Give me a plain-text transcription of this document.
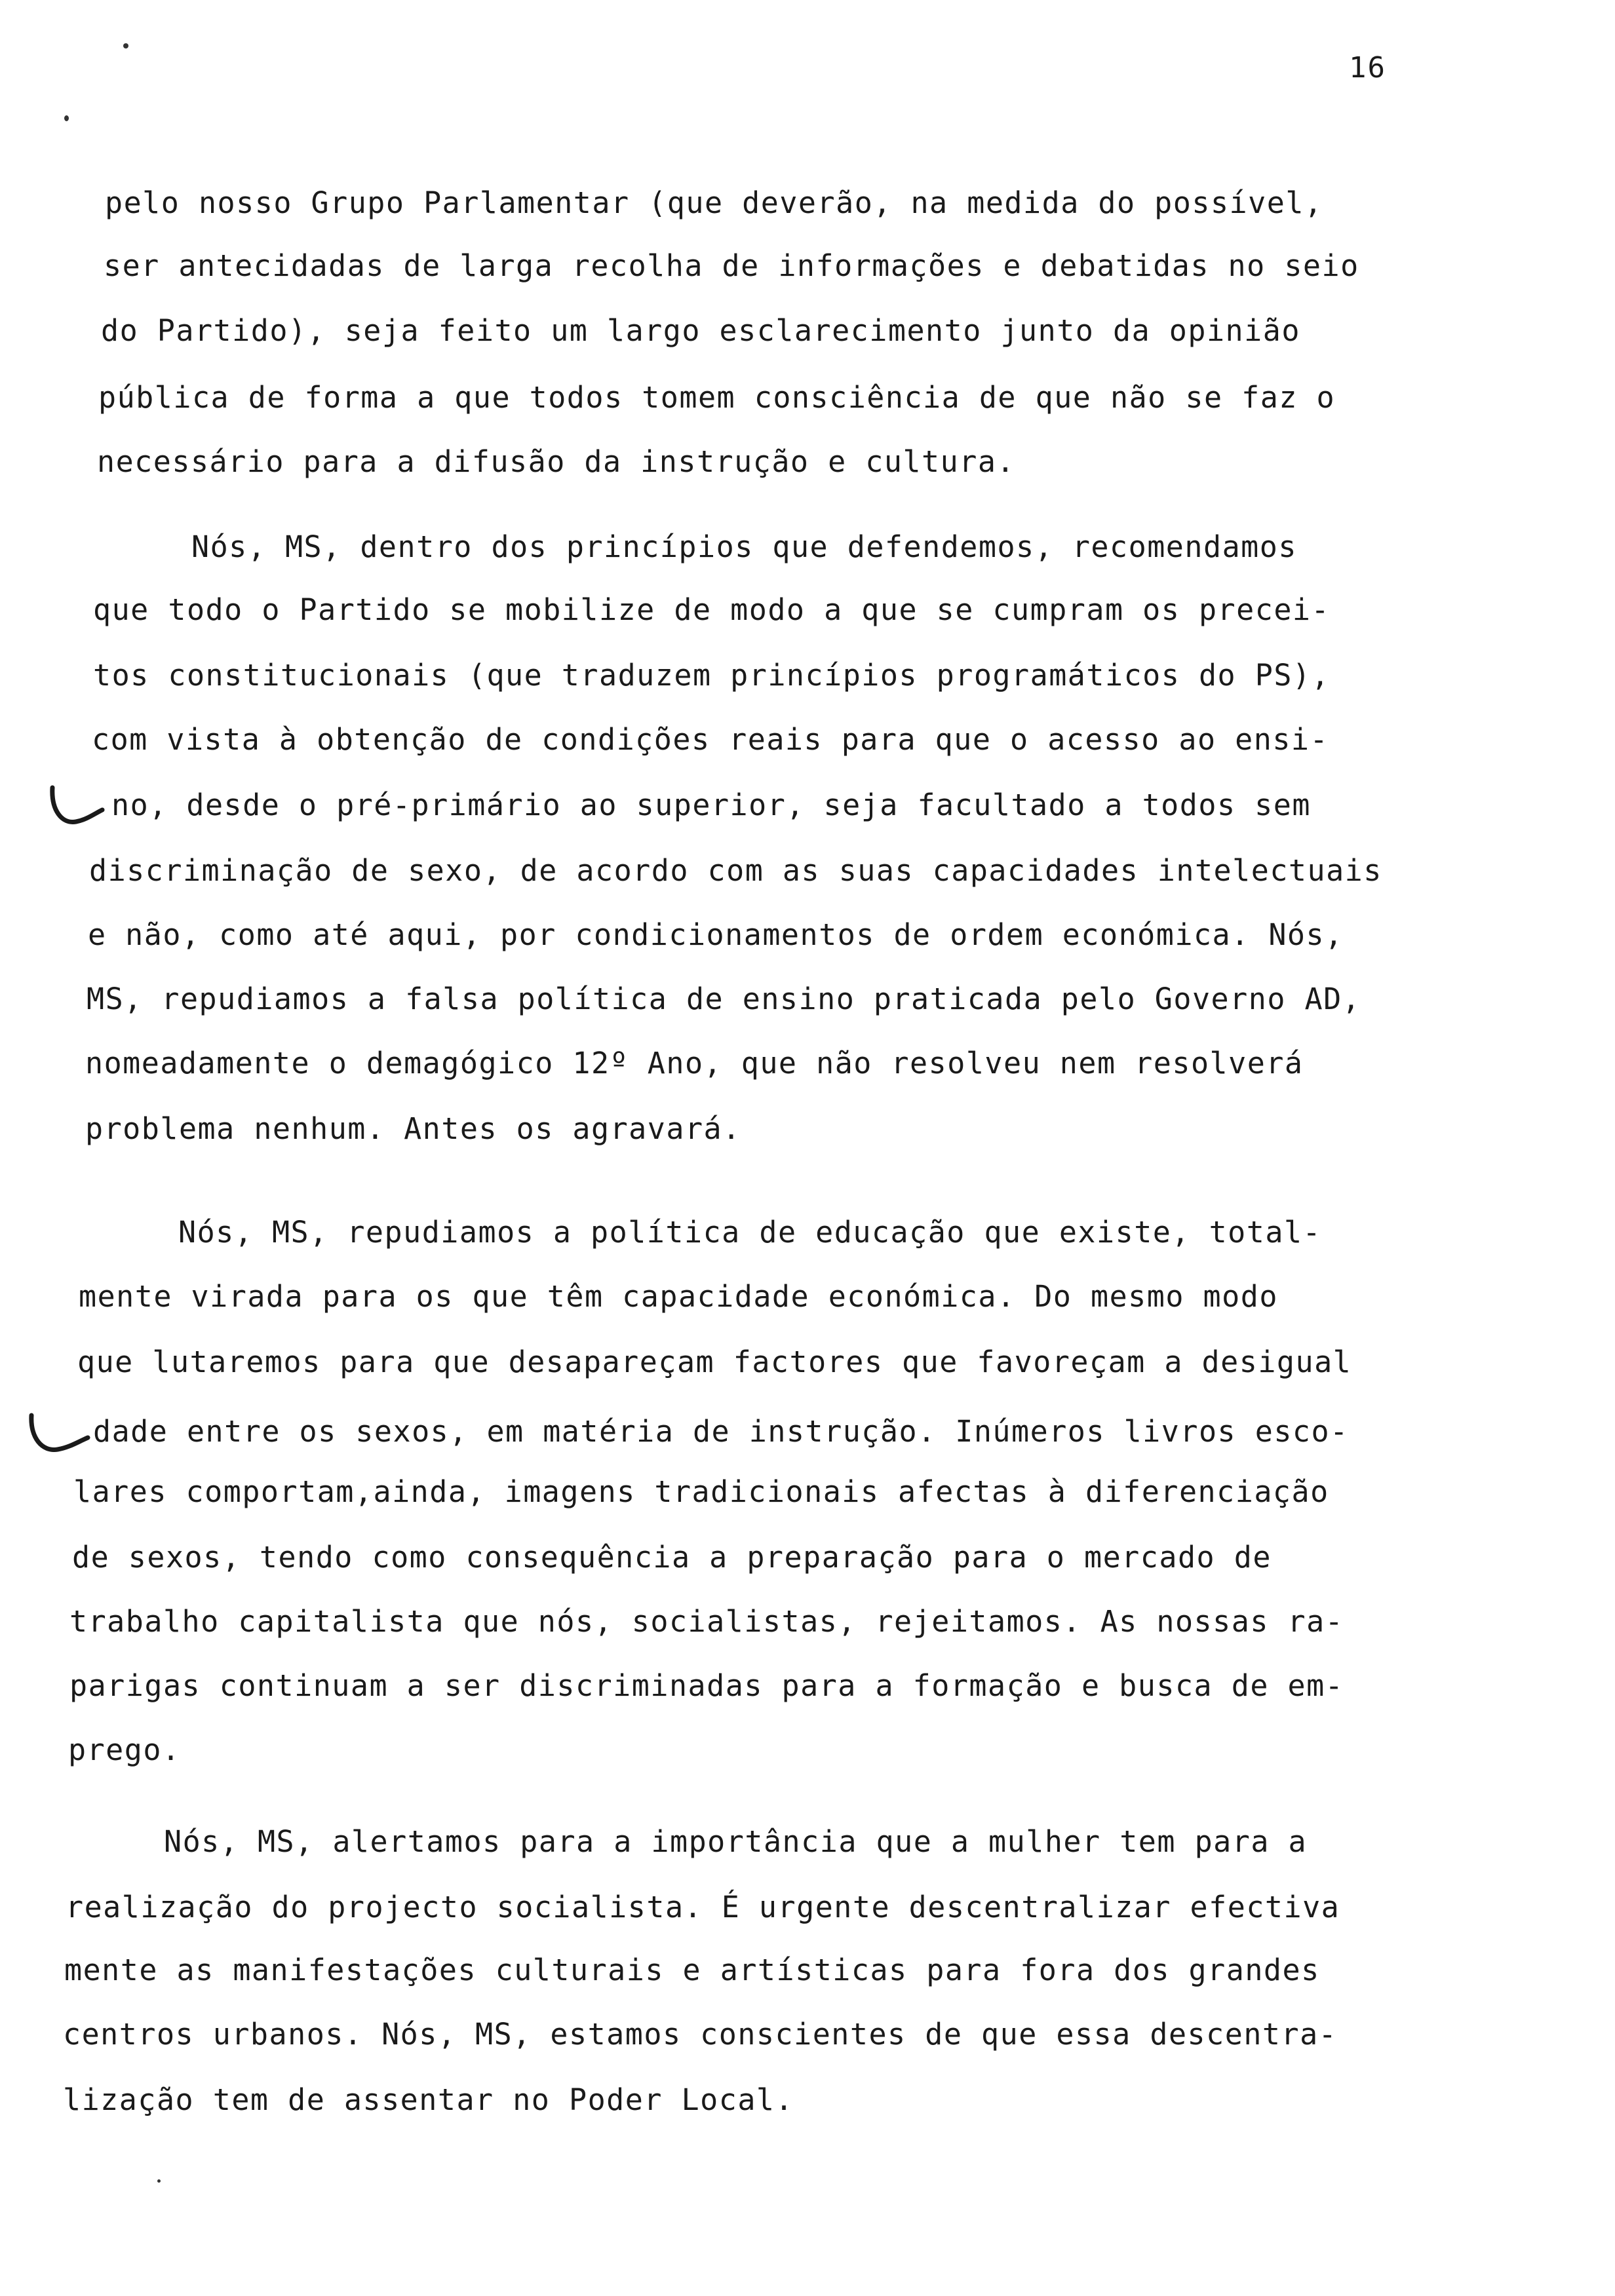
16
pelo nosso Grupo Parlamentar (que deverão, na medida do possível,
ser antecidadas de larga recolha de informações e debatidas no seio
do Partido), seja feito um largo esclarecimento junto da opinião
pública de forma a que todos tomem consciência de que não se faz o
necessário para a difusão da instrução e cultura.
Nós, MS, dentro dos princípios que defendemos, recomendamos
que todo o Partido se mobilize de modo a que se cumpram os precei-
tos constitucionais (que traduzem princípios programáticos do PS),
com vista à obtenção de condições reais para que o acesso ao ensi-
no, desde o pré-primário ao superior, seja facultado a todos sem
discriminação de sexo, de acordo com as suas capacidades intelectuais
e não, como até aqui, por condicionamentos de ordem económica. Nós,
MS, repudiamos a falsa política de ensino praticada pelo Governo AD,
nomeadamente o demagógico 12º Ano, que não resolveu nem resolverá
problema nenhum. Antes os agravará.
Nós, MS, repudiamos a política de educação que existe, total-
mente virada para os que têm capacidade económica. Do mesmo modo
que lutaremos para que desapareçam factores que favoreçam a desigual
dade entre os sexos, em matéria de instrução. Inúmeros livros esco-
lares comportam,ainda, imagens tradicionais afectas à diferenciação
de sexos, tendo como consequência a preparação para o mercado de
trabalho capitalista que nós, socialistas, rejeitamos. As nossas ra-
parigas continuam a ser discriminadas para a formação e busca de em-
prego.
Nós, MS, alertamos para a importância que a mulher tem para a
realização do projecto socialista. É urgente descentralizar efectiva
mente as manifestações culturais e artísticas para fora dos grandes
centros urbanos. Nós, MS, estamos conscientes de que essa descentra-
lização tem de assentar no Poder Local.
